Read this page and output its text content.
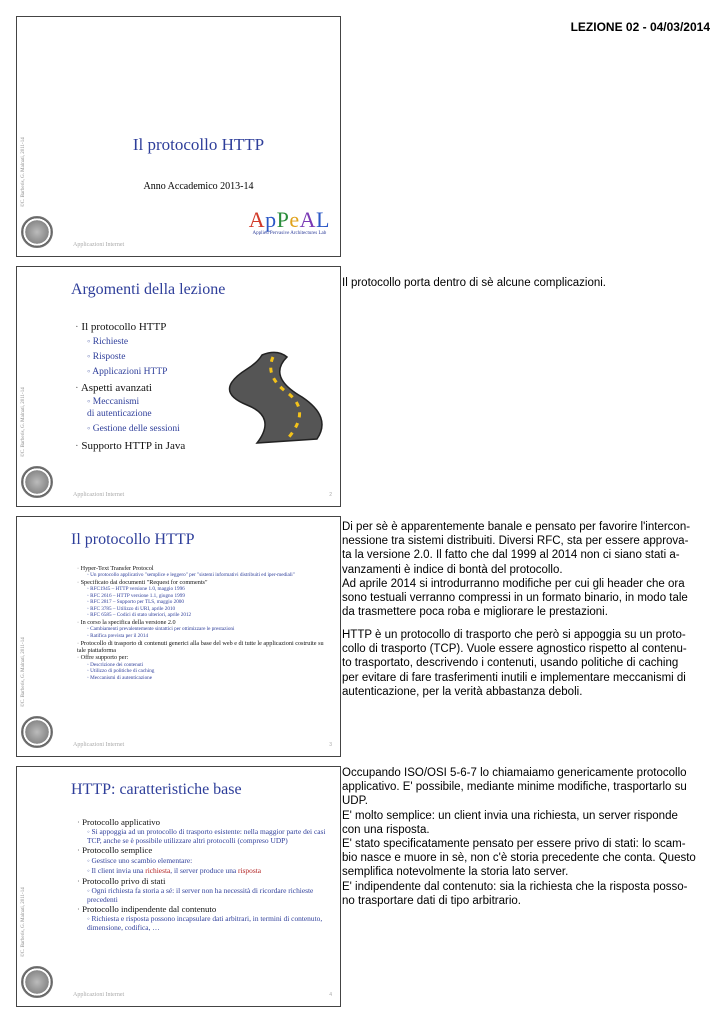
LEZIONE 02 - 04/03/2014
©C. Barberis, G. Malnati, 2011-14	Il protocollo HTTP
Anno Accademico 2013-14
ApPeAL
Applied Pervasive Architectures Lab
Applicazioni Internet
©C. Barberis, G. Malnati, 2011-14
Argomenti della lezione
· Il protocollo HTTP
◦ Richieste
◦ Risposte
◦ Applicazioni HTTP
· Aspetti avanzati
◦ Meccanismi
di autenticazione
◦ Gestione delle sessioni
· Supporto HTTP in Java
Applicazioni Internet	2
©C. Barberis, G. Malnati, 2011-14
Il protocollo HTTP
· Hyper-Text Transfer Protocol
◦ Un protocollo applicativo "semplice e leggero" per "sistemi informativi distribuiti ed iper-mediali"
· Specificato dai documenti "Request for comments"
◦ RFC1945 – HTTP versione 1.0, maggio 1996
◦ RFC 2616 – HTTP versione 1.1, giugno 1999
◦ RFC 2817 – Supporto per TLS, maggio 2000
◦ RFC 3785 – Utilizzo di URI, aprile 2010
◦ RFC 6585 – Codici di stato ulteriori, aprile 2012
· In corso la specifica della versione 2.0
◦ Cambiamenti prevalentemente sintattici per ottimizzare le prestazioni
◦ Ratifica prevista per il 2014
· Protocollo di trasporto di contenuti generici alla base del web e di tutte le applicazioni costruite su tale piattaforma
· Offre supporto per:
◦ Descrizione dei contenuti
◦ Utilizzo di politiche di caching
◦ Meccanismi di autenticazione
Applicazioni Internet	3
©C. Barberis, G. Malnati, 2011-14
HTTP: caratteristiche base
· Protocollo applicativo
◦ Si appoggia ad un protocollo di trasporto esistente: nella maggior parte dei casi TCP, anche se è possibile utilizzare altri protocolli (compreso UDP)
· Protocollo semplice
◦ Gestisce uno scambio elementare:
◦ Il client invia una richiesta, il server produce una risposta
· Protocollo privo di stati
◦ Ogni richiesta fa storia a sé: il server non ha necessità di ricordare richieste precedenti
· Protocollo indipendente dal contenuto
◦ Richiesta e risposta possono incapsulare dati arbitrari, in termini di contenuto, dimensione, codifica, …
Applicazioni Internet	4
Il protocollo porta dentro di sè alcune complicazioni.
Di per sè è apparentemente banale e pensato per favorire l'intercon-
nessione tra sistemi distribuiti. Diversi RFC, sta per essere approva-
ta la versione 2.0. Il fatto che dal 1999 al 2014 non ci siano stati a-
vanzamenti è indice di bontà del protocollo.
Ad aprile 2014 si introdurranno modifiche per cui gli header che ora
sono testuali verranno compressi in un formato binario, in modo tale
da trasmettere poca roba e migliorare le prestazioni.
HTTP è un protocollo di trasporto che però si appoggia su un proto-
collo di trasporto (TCP). Vuole essere agnostico rispetto al contenu-
to trasportato, descrivendo i contenuti, usando politiche di caching
per evitare di fare trasferimenti inutili e implementare meccanismi di
autenticazione, per la verità abbastanza deboli.
Occupando ISO/OSI 5-6-7 lo chiamaiamo genericamente protocollo
applicativo. E' possibile, mediante minime modifiche, trasportarlo su
UDP.
E' molto semplice: un client invia una richiesta, un server risponde
con una risposta.
E' stato specificatamente pensato per essere privo di stati: lo scam-
bio nasce e muore in sè, non c'è storia precedente che conta. Questo
semplifica notevolmente la storia lato server.
E' indipendente dal contenuto: sia la richiesta che la risposta posso-
no trasportare dati di tipo arbitrario.
